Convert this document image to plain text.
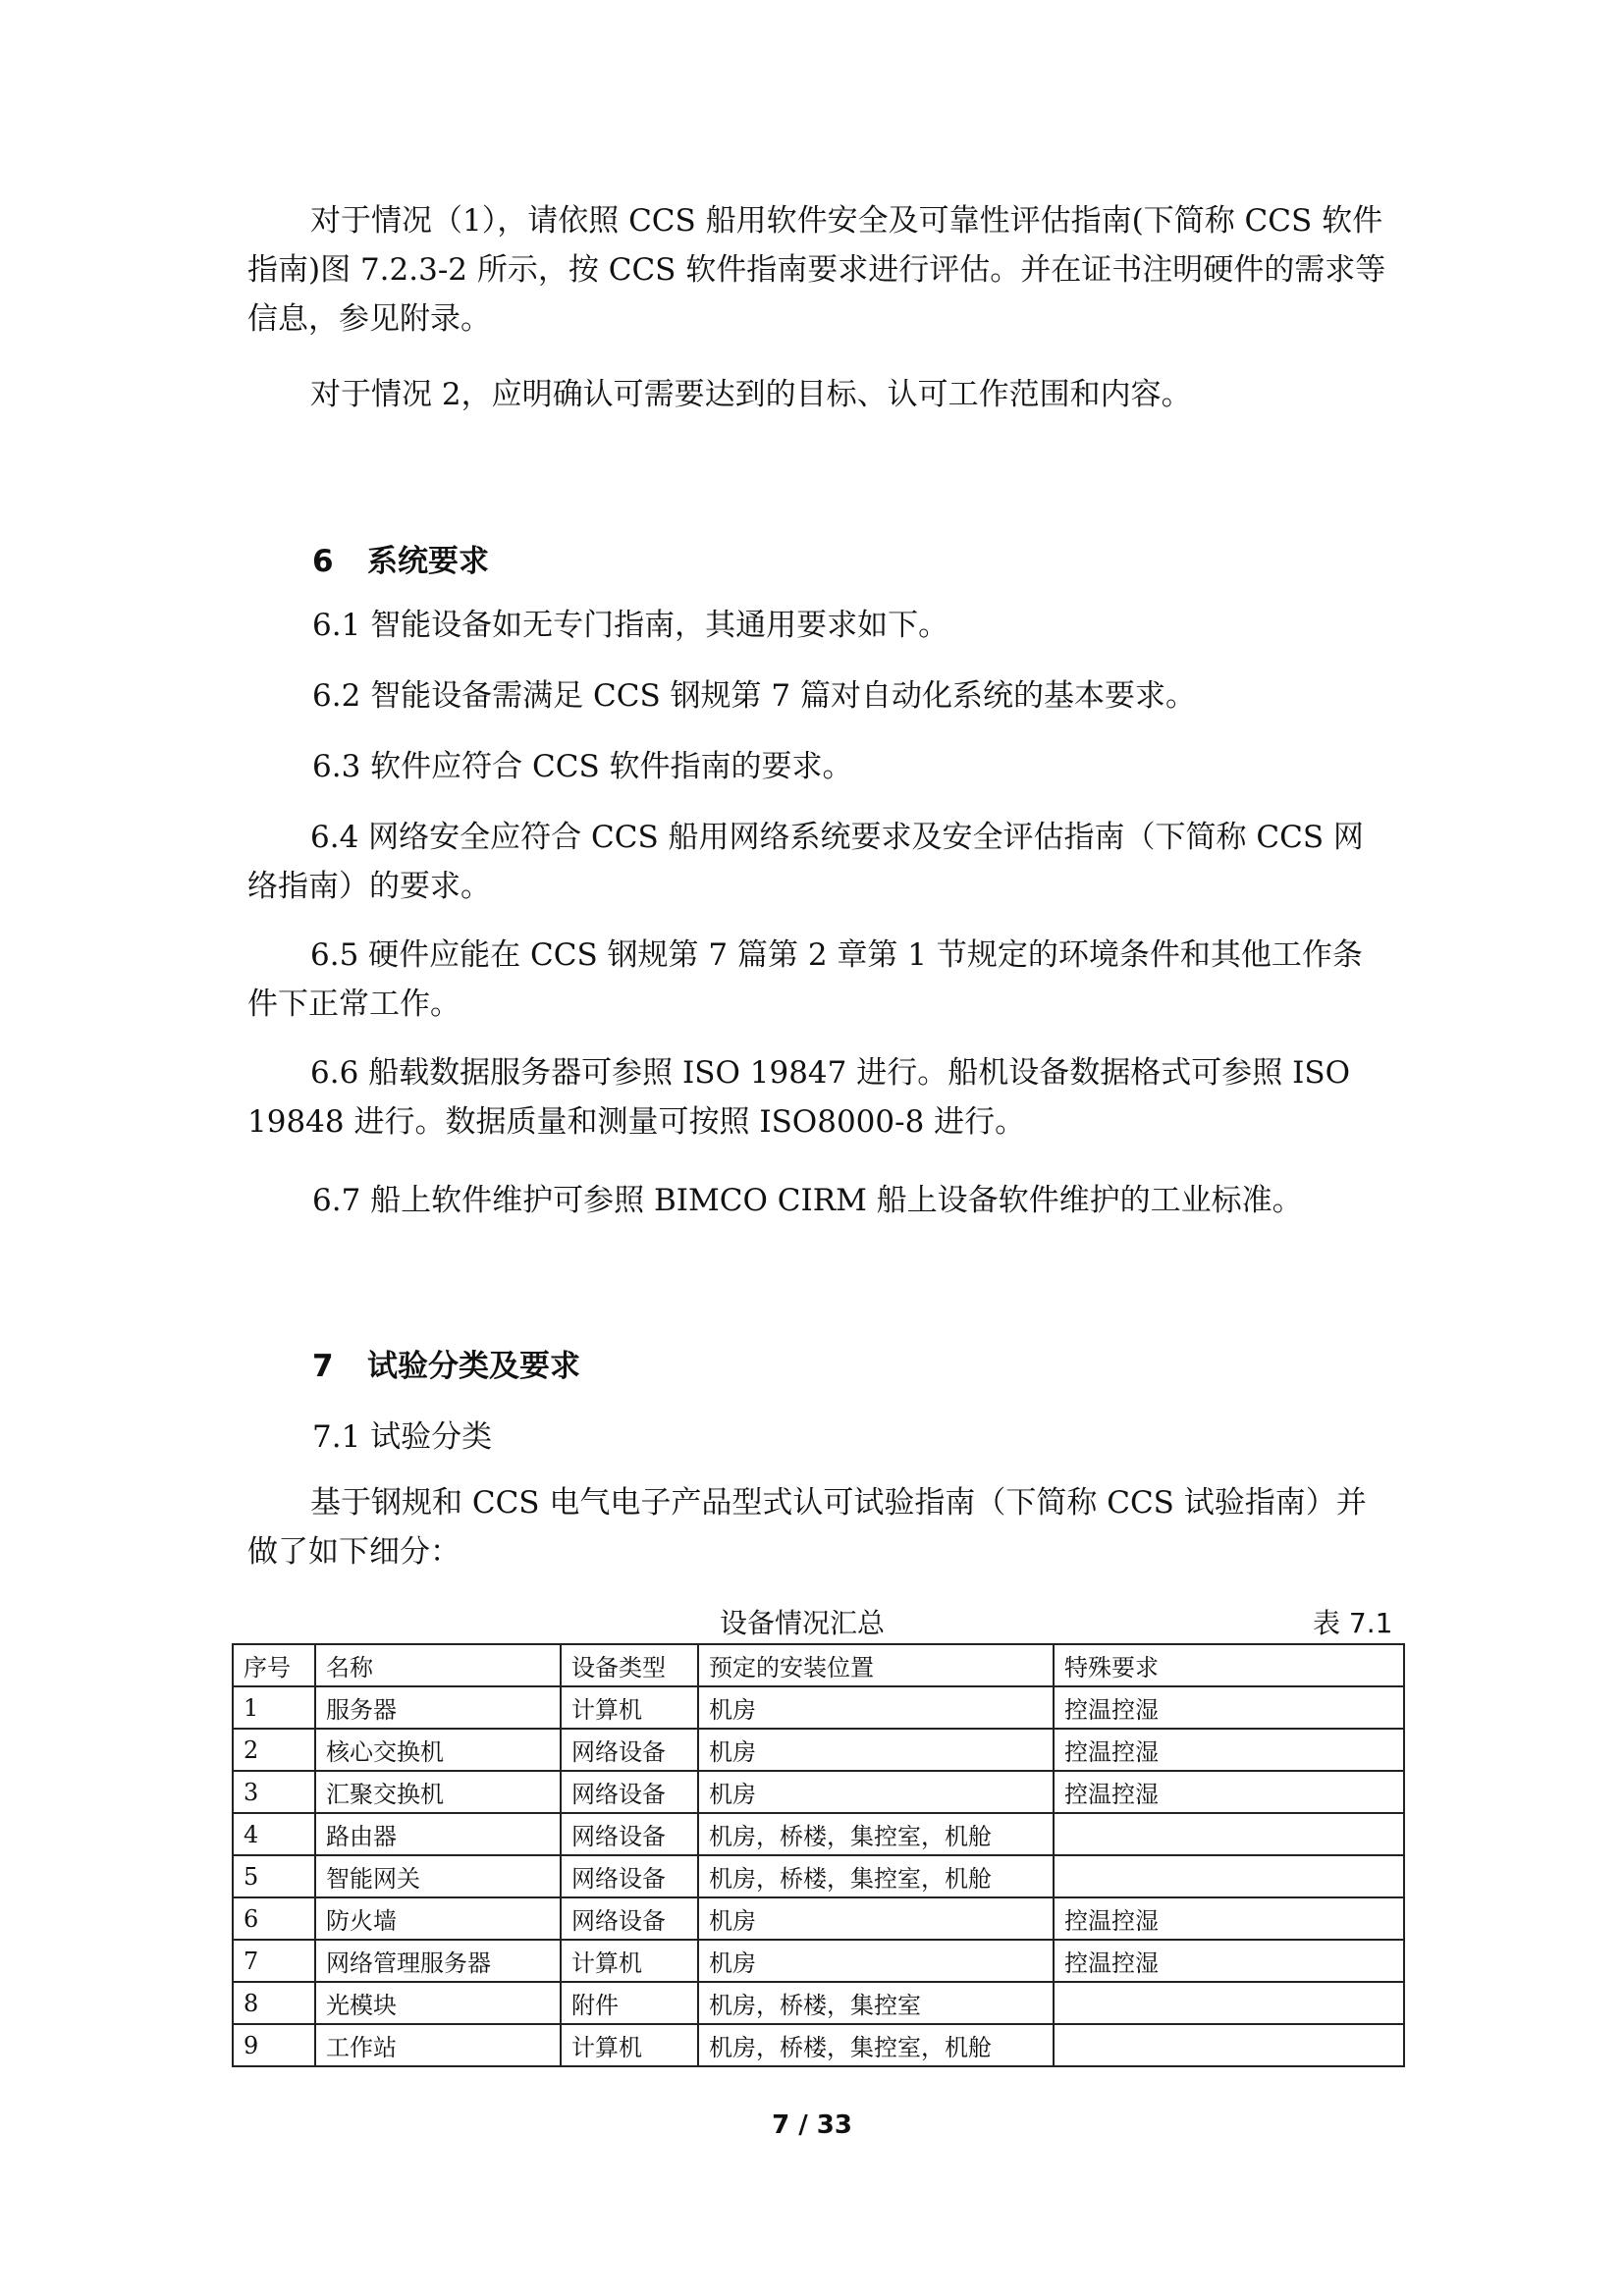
对于情况（1），请依照 CCS 船用软件安全及可靠性评估指南(下简称 CCS 软件指南)图 7.2.3-2 所示，按 CCS 软件指南要求进行评估。并在证书注明硬件的需求等信息，参见附录。

对于情况 2，应明确认可需要达到的目标、认可工作范围和内容。

6 系统要求

6.1 智能设备如无专门指南，其通用要求如下。

6.2 智能设备需满足 CCS 钢规第 7 篇对自动化系统的基本要求。

6.3 软件应符合 CCS 软件指南的要求。

6.4 网络安全应符合 CCS 船用网络系统要求及安全评估指南（下简称 CCS 网络指南）的要求。

6.5 硬件应能在 CCS 钢规第 7 篇第 2 章第 1 节规定的环境条件和其他工作条件下正常工作。

6.6 船载数据服务器可参照 ISO 19847 进行。船机设备数据格式可参照 ISO 19848 进行。数据质量和测量可按照 ISO8000-8 进行。

6.7 船上软件维护可参照 BIMCO CIRM 船上设备软件维护的工业标准。

7 试验分类及要求

7.1 试验分类

基于钢规和 CCS 电气电子产品型式认可试验指南（下简称 CCS 试验指南）并做了如下细分：

设备情况汇总	表 7.1
序号	名称	设备类型	预定的安装位置	特殊要求
1	服务器	计算机	机房	控温控湿
2	核心交换机	网络设备	机房	控温控湿
3	汇聚交换机	网络设备	机房	控温控湿
4	路由器	网络设备	机房，桥楼，集控室，机舱	
5	智能网关	网络设备	机房，桥楼，集控室，机舱	
6	防火墙	网络设备	机房	控温控湿
7	网络管理服务器	计算机	机房	控温控湿
8	光模块	附件	机房，桥楼，集控室	
9	工作站	计算机	机房，桥楼，集控室，机舱	
7 / 33
